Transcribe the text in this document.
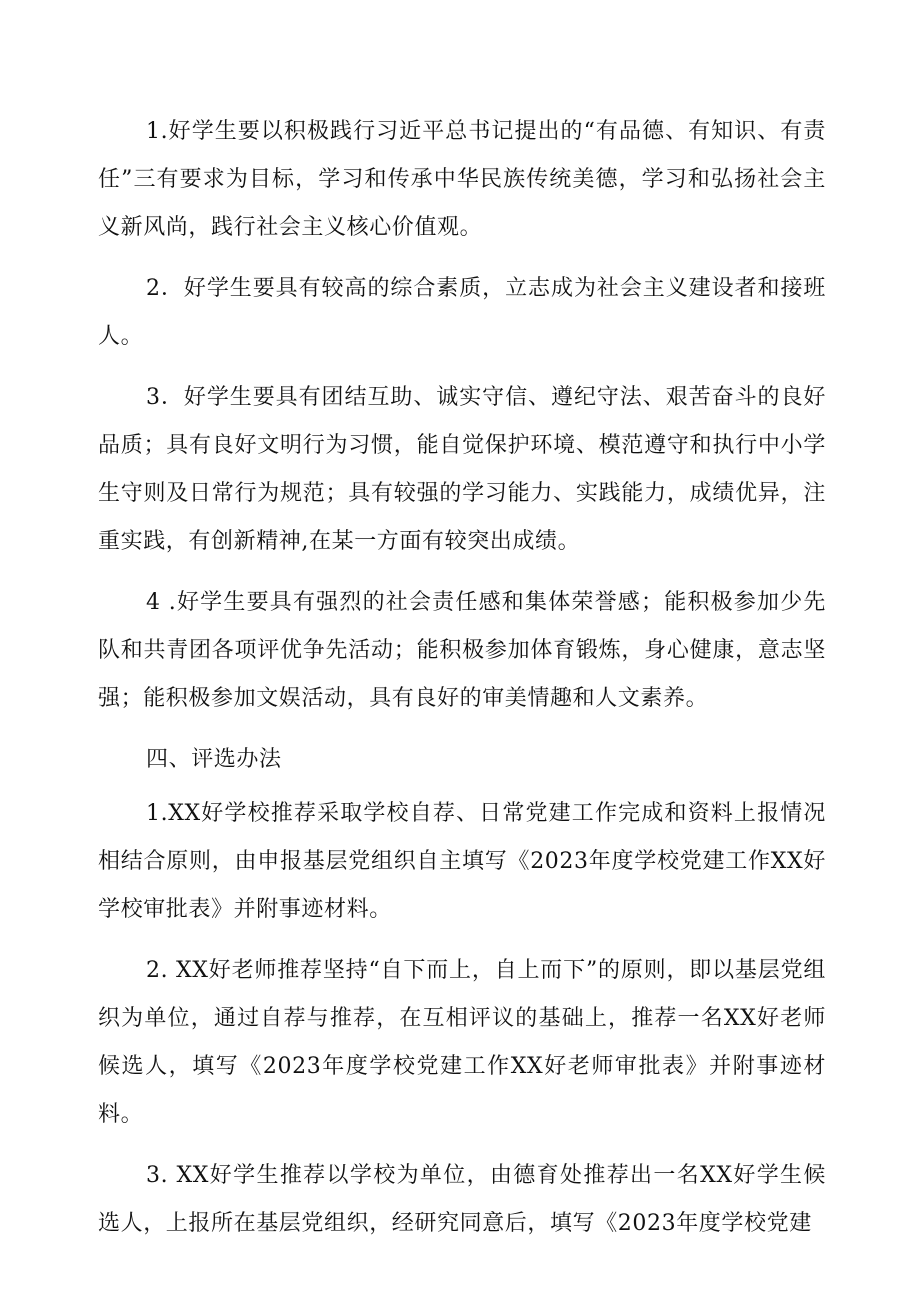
1.好学生要以积极践行习近平总书记提出的“有品德、有知识、有责任”三有要求为目标，学习和传承中华民族传统美德，学习和弘扬社会主义新风尚，践行社会主义核心价值观。

2．好学生要具有较高的综合素质，立志成为社会主义建设者和接班人。

3．好学生要具有团结互助、诚实守信、遵纪守法、艰苦奋斗的良好品质；具有良好文明行为习惯，能自觉保护环境、模范遵守和执行中小学生守则及日常行为规范；具有较强的学习能力、实践能力，成绩优异，注重实践，有创新精神,在某一方面有较突出成绩。

4 .好学生要具有强烈的社会责任感和集体荣誉感；能积极参加少先队和共青团各项评优争先活动；能积极参加体育锻炼，身心健康，意志坚强；能积极参加文娱活动，具有良好的审美情趣和人文素养。

四、评选办法

1.XX好学校推荐采取学校自荐、日常党建工作完成和资料上报情况相结合原则，由申报基层党组织自主填写《2023年度学校党建工作XX好学校审批表》并附事迹材料。

2. XX好老师推荐坚持“自下而上，自上而下”的原则，即以基层党组织为单位，通过自荐与推荐，在互相评议的基础上，推荐一名XX好老师候选人，填写《2023年度学校党建工作XX好老师审批表》并附事迹材料。

3. XX好学生推荐以学校为单位，由德育处推荐出一名XX好学生候选人，上报所在基层党组织，经研究同意后，填写《2023年度学校党建
